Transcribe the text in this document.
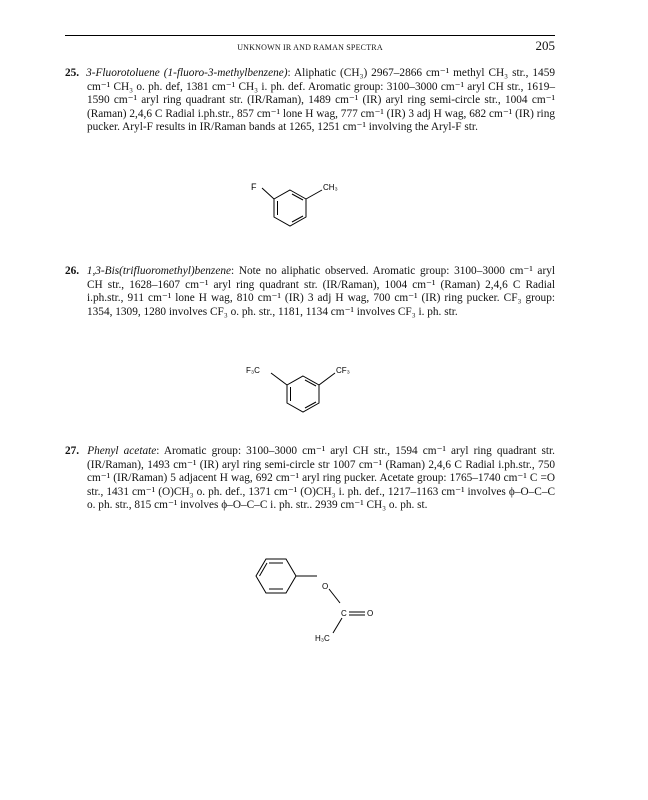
UNKNOWN IR AND RAMAN SPECTRA	205
25. 3-Fluorotoluene (1-fluoro-3-methylbenzene): Aliphatic (CH₃) 2967–2866 cm⁻¹ methyl CH₃ str., 1459 cm⁻¹ CH₃ o. ph. def, 1381 cm⁻¹ CH₃ i. ph. def. Aromatic group: 3100–3000 cm⁻¹ aryl CH str., 1619–1590 cm⁻¹ aryl ring quadrant str. (IR/Raman), 1489 cm⁻¹ (IR) aryl ring semi-circle str., 1004 cm⁻¹ (Raman) 2,4,6 C Radial i.ph.str., 857 cm⁻¹ lone H wag, 777 cm⁻¹ (IR) 3 adj H wag, 682 cm⁻¹ (IR) ring pucker. Aryl-F results in IR/Raman bands at 1265, 1251 cm⁻¹ involving the Aryl-F str.
F	CH₃
26. 1,3-Bis(trifluoromethyl)benzene: Note no aliphatic observed. Aromatic group: 3100–3000 cm⁻¹ aryl CH str., 1628–1607 cm⁻¹ aryl ring quadrant str. (IR/Raman), 1004 cm⁻¹ (Raman) 2,4,6 C Radial i.ph.str., 911 cm⁻¹ lone H wag, 810 cm⁻¹ (IR) 3 adj H wag, 700 cm⁻¹ (IR) ring pucker. CF₃ group: 1354, 1309, 1280 involves CF₃ o. ph. str., 1181, 1134 cm⁻¹ involves CF₃ i. ph. str.
F₃C	CF₃
27. Phenyl acetate: Aromatic group: 3100–3000 cm⁻¹ aryl CH str., 1594 cm⁻¹ aryl ring quadrant str. (IR/Raman), 1493 cm⁻¹ (IR) aryl ring semi-circle str 1007 cm⁻¹ (Raman) 2,4,6 C Radial i.ph.str., 750 cm⁻¹ (IR/Raman) 5 adjacent H wag, 692 cm⁻¹ aryl ring pucker. Acetate group: 1765–1740 cm⁻¹ C =O str., 1431 cm⁻¹ (O)CH₃ o. ph. def., 1371 cm⁻¹ (O)CH₃ i. ph. def., 1217–1163 cm⁻¹ involves ϕ–O–C–C o. ph. str., 815 cm⁻¹ involves ϕ–O–C–C i. ph. str.. 2939 cm⁻¹ CH₃ o. ph. st.
O
C	O
H₃C
